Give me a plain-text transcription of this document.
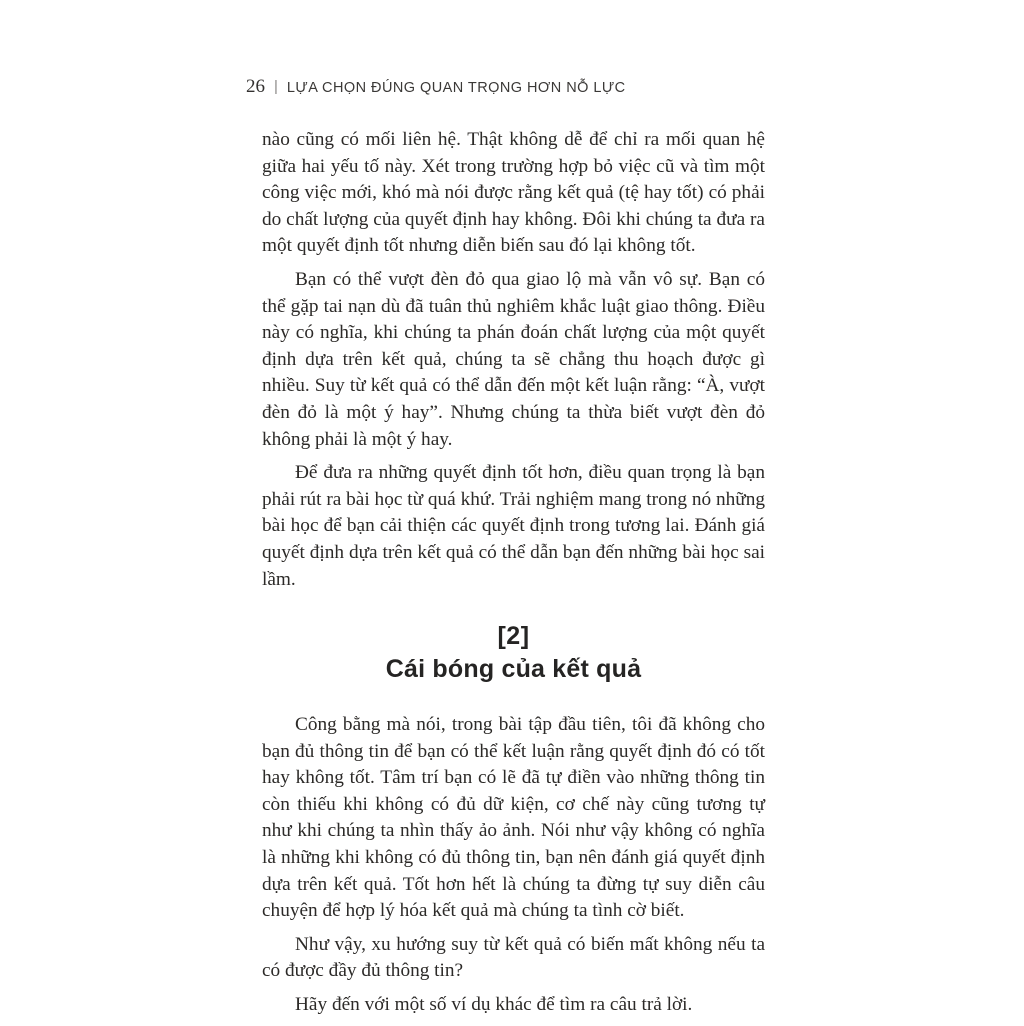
26 | LỰA CHỌN ĐÚNG QUAN TRỌNG HƠN NỖ LỰC

nào cũng có mối liên hệ. Thật không dễ để chỉ ra mối quan hệ giữa hai yếu tố này. Xét trong trường hợp bỏ việc cũ và tìm một công việc mới, khó mà nói được rằng kết quả (tệ hay tốt) có phải do chất lượng của quyết định hay không. Đôi khi chúng ta đưa ra một quyết định tốt nhưng diễn biến sau đó lại không tốt.

Bạn có thể vượt đèn đỏ qua giao lộ mà vẫn vô sự. Bạn có thể gặp tai nạn dù đã tuân thủ nghiêm khắc luật giao thông. Điều này có nghĩa, khi chúng ta phán đoán chất lượng của một quyết định dựa trên kết quả, chúng ta sẽ chẳng thu hoạch được gì nhiều. Suy từ kết quả có thể dẫn đến một kết luận rằng: “À, vượt đèn đỏ là một ý hay”. Nhưng chúng ta thừa biết vượt đèn đỏ không phải là một ý hay.

Để đưa ra những quyết định tốt hơn, điều quan trọng là bạn phải rút ra bài học từ quá khứ. Trải nghiệm mang trong nó những bài học để bạn cải thiện các quyết định trong tương lai. Đánh giá quyết định dựa trên kết quả có thể dẫn bạn đến những bài học sai lầm.

[2]
Cái bóng của kết quả

Công bằng mà nói, trong bài tập đầu tiên, tôi đã không cho bạn đủ thông tin để bạn có thể kết luận rằng quyết định đó có tốt hay không tốt. Tâm trí bạn có lẽ đã tự điền vào những thông tin còn thiếu khi không có đủ dữ kiện, cơ chế này cũng tương tự như khi chúng ta nhìn thấy ảo ảnh. Nói như vậy không có nghĩa là những khi không có đủ thông tin, bạn nên đánh giá quyết định dựa trên kết quả. Tốt hơn hết là chúng ta đừng tự suy diễn câu chuyện để hợp lý hóa kết quả mà chúng ta tình cờ biết.

Như vậy, xu hướng suy từ kết quả có biến mất không nếu ta có được đầy đủ thông tin?

Hãy đến với một số ví dụ khác để tìm ra câu trả lời.
